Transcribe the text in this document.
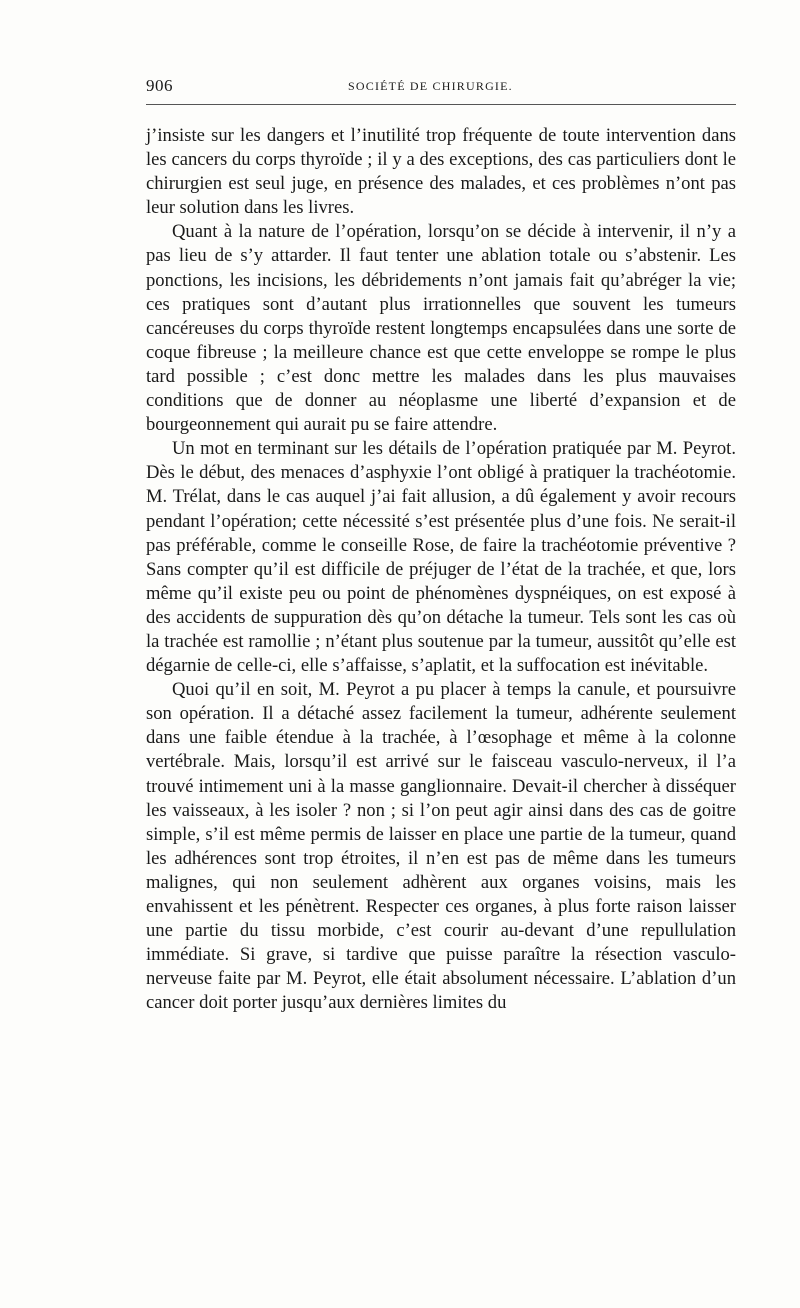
906	SOCIÉTÉ DE CHIRURGIE.

j’insiste sur les dangers et l’inutilité trop fréquente de toute intervention dans les cancers du corps thyroïde ; il y a des exceptions, des cas particuliers dont le chirurgien est seul juge, en présence des malades, et ces problèmes n’ont pas leur solution dans les livres.

Quant à la nature de l’opération, lorsqu’on se décide à intervenir, il n’y a pas lieu de s’y attarder. Il faut tenter une ablation totale ou s’abstenir. Les ponctions, les incisions, les débridements n’ont jamais fait qu’abréger la vie; ces pratiques sont d’autant plus irrationnelles que souvent les tumeurs cancéreuses du corps thyroïde restent longtemps encapsulées dans une sorte de coque fibreuse ; la meilleure chance est que cette enveloppe se rompe le plus tard possible ; c’est donc mettre les malades dans les plus mauvaises conditions que de donner au néoplasme une liberté d’expansion et de bourgeonnement qui aurait pu se faire attendre.

Un mot en terminant sur les détails de l’opération pratiquée par M. Peyrot. Dès le début, des menaces d’asphyxie l’ont obligé à pratiquer la trachéotomie. M. Trélat, dans le cas auquel j’ai fait allusion, a dû également y avoir recours pendant l’opération; cette nécessité s’est présentée plus d’une fois. Ne serait-il pas préférable, comme le conseille Rose, de faire la trachéotomie préventive ? Sans compter qu’il est difficile de préjuger de l’état de la trachée, et que, lors même qu’il existe peu ou point de phénomènes dyspnéiques, on est exposé à des accidents de suppuration dès qu’on détache la tumeur. Tels sont les cas où la trachée est ramollie ; n’étant plus soutenue par la tumeur, aussitôt qu’elle est dégarnie de celle-ci, elle s’affaisse, s’aplatit, et la suffocation est inévitable.

Quoi qu’il en soit, M. Peyrot a pu placer à temps la canule, et poursuivre son opération. Il a détaché assez facilement la tumeur, adhérente seulement dans une faible étendue à la trachée, à l’œsophage et même à la colonne vertébrale. Mais, lorsqu’il est arrivé sur le faisceau vasculo-nerveux, il l’a trouvé intimement uni à la masse ganglionnaire. Devait-il chercher à disséquer les vaisseaux, à les isoler ? non ; si l’on peut agir ainsi dans des cas de goitre simple, s’il est même permis de laisser en place une partie de la tumeur, quand les adhérences sont trop étroites, il n’en est pas de même dans les tumeurs malignes, qui non seulement adhèrent aux organes voisins, mais les envahissent et les pénètrent. Respecter ces organes, à plus forte raison laisser une partie du tissu morbide, c’est courir au-devant d’une repullulation immédiate. Si grave, si tardive que puisse paraître la résection vasculo-nerveuse faite par M. Peyrot, elle était absolument nécessaire. L’ablation d’un cancer doit porter jusqu’aux dernières limites du
